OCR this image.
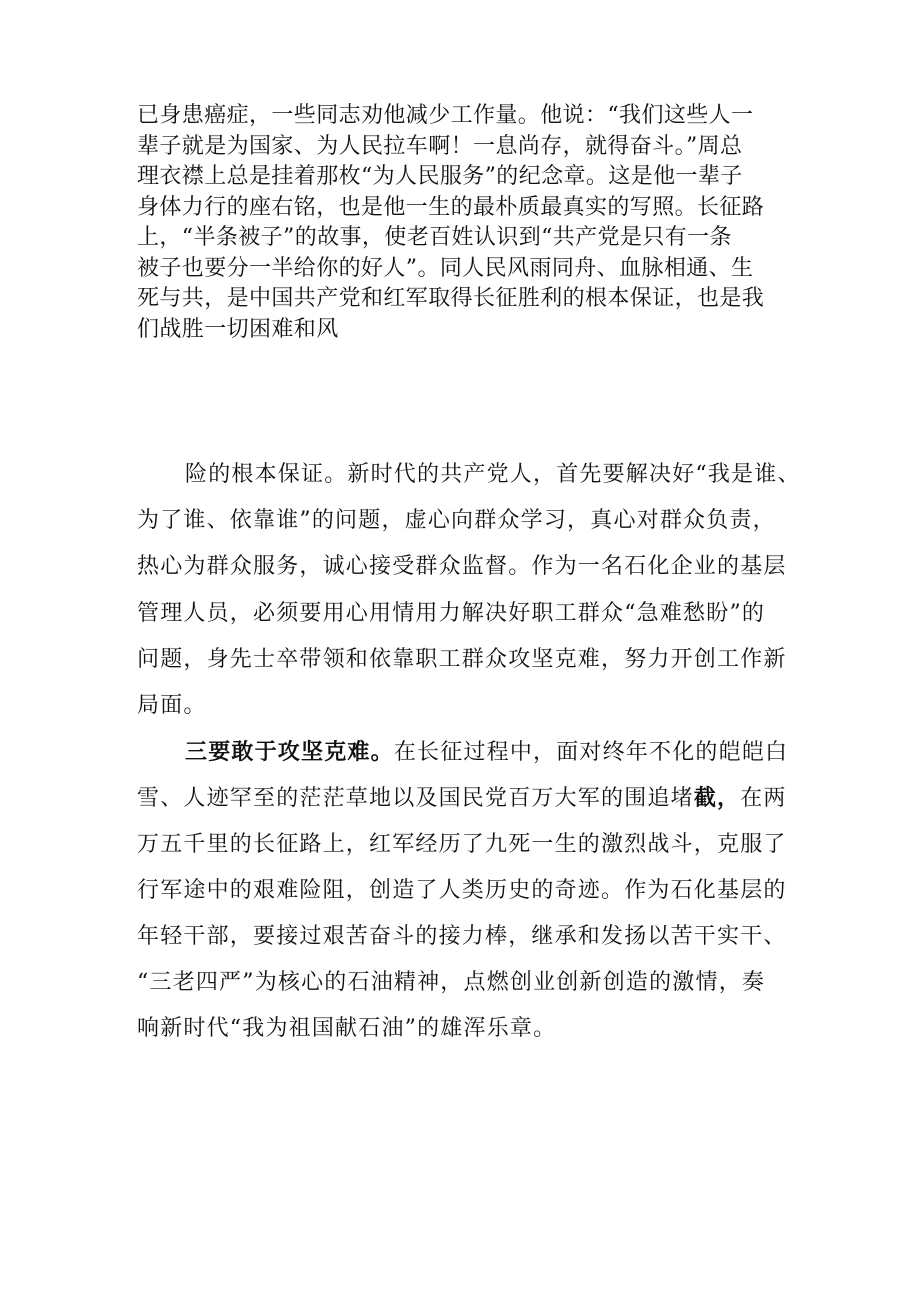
已身患癌症，一些同志劝他减少工作量。他说：“我们这些人一
辈子就是为国家、为人民拉车啊！一息尚存，就得奋斗。”周总
理衣襟上总是挂着那枚“为人民服务”的纪念章。这是他一辈子
身体力行的座右铭，也是他一生的最朴质最真实的写照。长征路
上，“半条被子”的故事，使老百姓认识到“共产党是只有一条
被子也要分一半给你的好人”。同人民风雨同舟、血脉相通、生
死与共，是中国共产党和红军取得长征胜利的根本保证，也是我
们战胜一切困难和风
险的根本保证。新时代的共产党人，首先要解决好“我是谁、
为了谁、依靠谁”的问题，虚心向群众学习，真心对群众负责，
热心为群众服务，诚心接受群众监督。作为一名石化企业的基层
管理人员，必须要用心用情用力解决好职工群众“急难愁盼”的
问题，身先士卒带领和依靠职工群众攻坚克难，努力开创工作新
局面。
三要敢于攻坚克难。在长征过程中，面对终年不化的皑皑白
雪、人迹罕至的茫茫草地以及国民党百万大军的围追堵截，在两
万五千里的长征路上，红军经历了九死一生的激烈战斗，克服了
行军途中的艰难险阻，创造了人类历史的奇迹。作为石化基层的
年轻干部，要接过艰苦奋斗的接力棒，继承和发扬以苦干实干、
“三老四严”为核心的石油精神，点燃创业创新创造的激情，奏
响新时代“我为祖国献石油”的雄浑乐章。
